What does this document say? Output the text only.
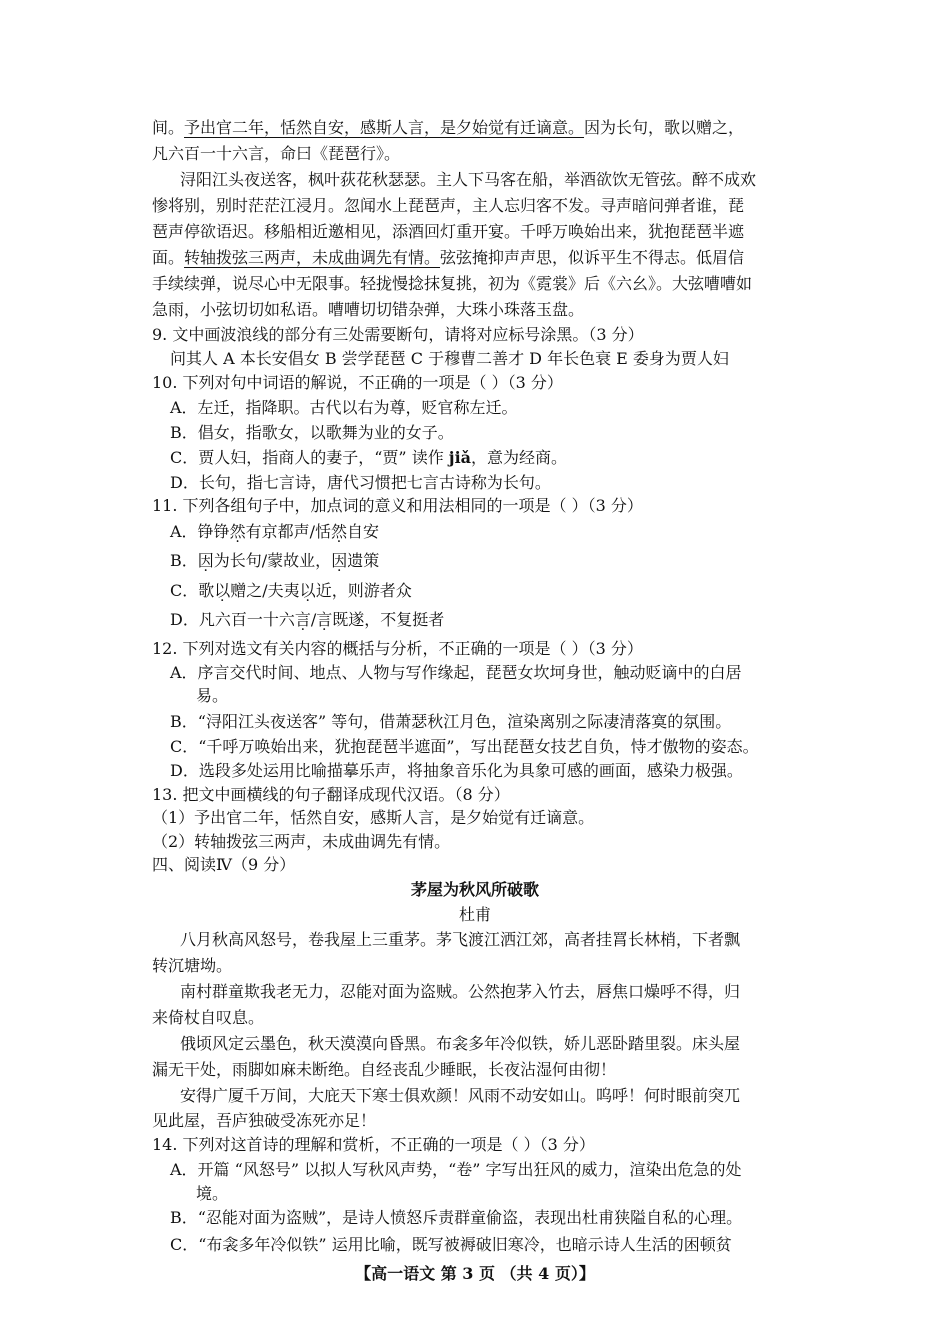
间。予出官二年，恬然自安，感斯人言，是夕始觉有迁谪意。因为长句，歌以赠之，
凡六百一十六言，命曰《琵琶行》。
浔阳江头夜送客，枫叶荻花秋瑟瑟。主人下马客在船，举酒欲饮无管弦。醉不成欢
惨将别，别时茫茫江浸月。忽闻水上琵琶声，主人忘归客不发。寻声暗问弹者谁，琵
琶声停欲语迟。移船相近邀相见，添酒回灯重开宴。千呼万唤始出来，犹抱琵琶半遮
面。转轴拨弦三两声，未成曲调先有情。弦弦掩抑声声思，似诉平生不得志。低眉信
手续续弹，说尽心中无限事。轻拢慢捻抹复挑，初为《霓裳》后《六幺》。大弦嘈嘈如
急雨，小弦切切如私语。嘈嘈切切错杂弹，大珠小珠落玉盘。
9. 文中画波浪线的部分有三处需要断句，请将对应标号涂黑。（3 分）
问其人 A 本长安倡女 B 尝学琵琶 C 于穆曹二善才 D 年长色衰 E 委身为贾人妇
10. 下列对句中词语的解说，不正确的一项是（ ）（3 分）
A．左迁，指降职。古代以右为尊，贬官称左迁。
B．倡女，指歌女，以歌舞为业的女子。
C．贾人妇，指商人的妻子，“贾” 读作 jiǎ，意为经商。
D．长句，指七言诗，唐代习惯把七言古诗称为长句。
11. 下列各组句子中，加点词的意义和用法相同的一项是（ ）（3 分）
A．铮铮然有京都声/恬然自安
B．因为长句/蒙故业，因遗策
C．歌以赠之/夫夷以近，则游者众
D．凡六百一十六言/言既遂，不复挺者
12. 下列对选文有关内容的概括与分析，不正确的一项是（ ）（3 分）
A．序言交代时间、地点、人物与写作缘起，琵琶女坎坷身世，触动贬谪中的白居
易。
B．“浔阳江头夜送客” 等句，借萧瑟秋江月色，渲染离别之际凄清落寞的氛围。
C．“千呼万唤始出来，犹抱琵琶半遮面”，写出琵琶女技艺自负，恃才傲物的姿态。
D．选段多处运用比喻描摹乐声，将抽象音乐化为具象可感的画面，感染力极强。
13. 把文中画横线的句子翻译成现代汉语。（8 分）
（1）予出官二年，恬然自安，感斯人言，是夕始觉有迁谪意。
（2）转轴拨弦三两声，未成曲调先有情。
四、阅读Ⅳ（9 分）
茅屋为秋风所破歌
杜甫
八月秋高风怒号，卷我屋上三重茅。茅飞渡江洒江郊，高者挂罥长林梢，下者飘
转沉塘坳。
南村群童欺我老无力，忍能对面为盗贼。公然抱茅入竹去，唇焦口燥呼不得，归
来倚杖自叹息。
俄顷风定云墨色，秋天漠漠向昏黑。布衾多年冷似铁，娇儿恶卧踏里裂。床头屋
漏无干处，雨脚如麻未断绝。自经丧乱少睡眠，长夜沾湿何由彻！
安得广厦千万间，大庇天下寒士俱欢颜！风雨不动安如山。呜呼！何时眼前突兀
见此屋，吾庐独破受冻死亦足！
14. 下列对这首诗的理解和赏析，不正确的一项是（ ）（3 分）
A．开篇 “风怒号” 以拟人写秋风声势，“卷” 字写出狂风的威力，渲染出危急的处
境。
B．“忍能对面为盗贼”，是诗人愤怒斥责群童偷盗，表现出杜甫狭隘自私的心理。
【高一语文 第 3 页 （共 4 页）】
C．“布衾多年冷似铁” 运用比喻，既写被褥破旧寒冷，也暗示诗人生活的困顿贫
